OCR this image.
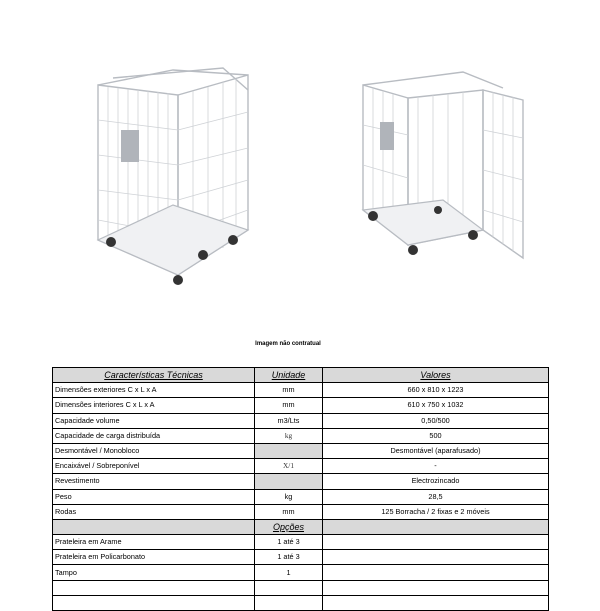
Imagem não contratual
Características Técnicas	Unidade	Valores
Dimensões exteriores C x L x A	mm	660 x 810 x 1223
Dimensões interiores C x L x A	mm	610 x 750 x 1032
Capacidade volume	m3/Lts	0,50/500
Capacidade de carga distribuída	kg	500
Desmontável / Monobloco		Desmontável (aparafusado)
Encaixável / Sobreponível	X/1	-
Revestimento		Electrozincado
Peso	kg	28,5
Rodas	mm	125 Borracha / 2 fixas e 2 móveis
	Opções	
Prateleira em Arame	1 até 3	
Prateleira em Policarbonato	1 até 3	
Tampo	1	
